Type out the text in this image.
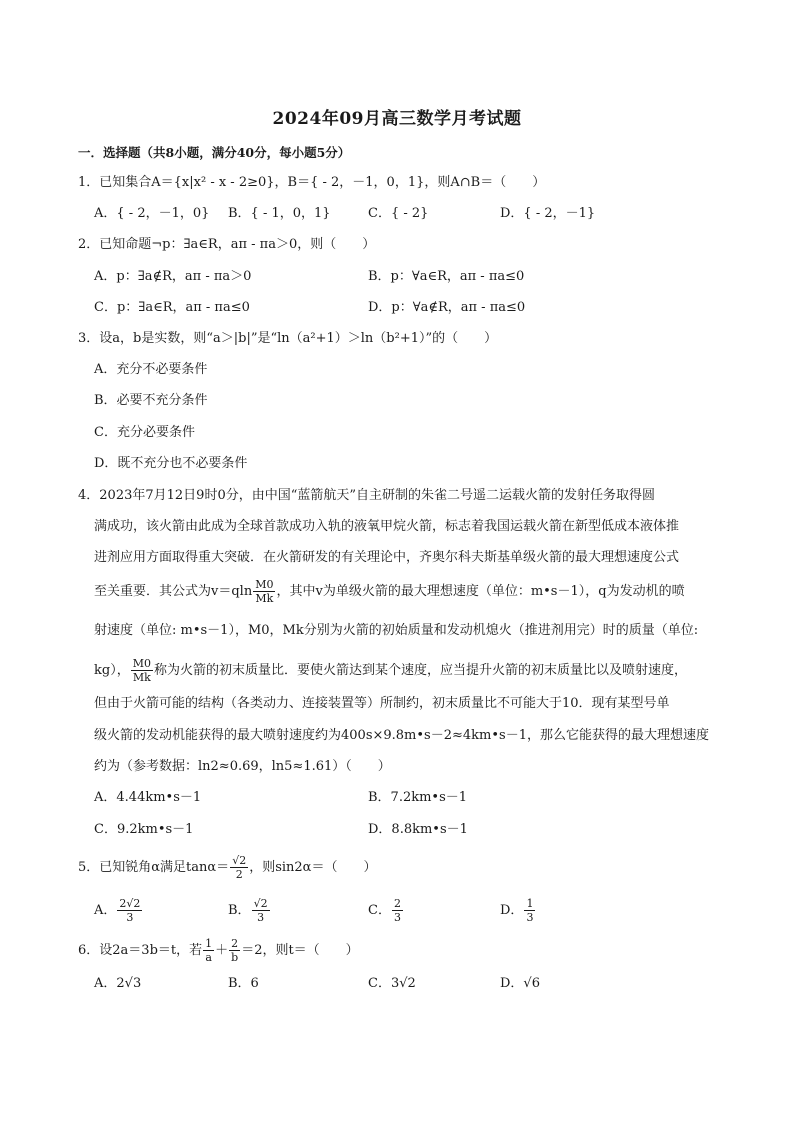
2024年09月高三数学月考试题
一．选择题（共8小题，满分40分，每小题5分）
1．已知集合A＝{x|x² - x - 2≥0}，B＝{ - 2，－1，0，1}，则A∩B＝（　　）
A．{ - 2，－1，0} B．{ - 1，0，1}	C．{ - 2}	D．{ - 2，－1}
2．已知命题¬p：∃a∈R，aπ - πa＞0，则（　　）
A．p：∃a∉R，aπ - πa＞0	B．p：∀a∈R，aπ - πa≤0
C．p：∃a∈R，aπ - πa≤0	D．p：∀a∉R，aπ - πa≤0
3．设a，b是实数，则“a＞|b|”是“ln（a²+1）＞ln（b²+1）”的（　　）
A．充分不必要条件
B．必要不充分条件
C．充分必要条件
D．既不充分也不必要条件
4．2023年7月12日9时0分，由中国“蓝箭航天”自主研制的朱雀二号遥二运载火箭的发射任务取得圆
满成功，该火箭由此成为全球首款成功入轨的液氧甲烷火箭，标志着我国运载火箭在新型低成本液体推
进剂应用方面取得重大突破．在火箭研发的有关理论中，齐奥尔科夫斯基单级火箭的最大理想速度公式
至关重要．其公式为$v=qln \frac{M0}{Mk}$ ，其中v为单级火箭的最大理想速度（单位：m•s－1），q为发动机的喷
射速度（单位: m•s－1），M0，Mk分别为火箭的初始质量和发动机熄火（推进剂用完）时的质量（单位:
kg）， $\frac{M0}{Mk}$ 称为火箭的初末质量比．要使火箭达到某个速度，应当提升火箭的初末质量比以及喷射速度，
但由于火箭可能的结构（各类动力、连接装置等）所制约，初末质量比不可能大于10．现有某型号单
级火箭的发动机能获得的最大喷射速度约为400s×9.8m•s－2≈4km•s－1，那么它能获得的最大理想速度
约为（参考数据：ln2≈0.69，ln5≈1.61）（　　）
A．4.44km•s－1	B．7.2km•s－1
C．9.2km•s－1	D．8.8km•s－1
5．已知锐角α满足$\tan\alpha= \frac{√2}{2}$ ，则sin2α＝（　　）
A． $\frac{2√2}{3}$	B． $\frac{√2}{3}$	C． $\frac{2}{3}$	D． $\frac{1}{3}$
6．设2a＝3b＝t，若 $\frac{1}{a} + \frac{2}{b} =2$，则t＝（　　）
A．2√3	B．6	C．3√2	D．√6
